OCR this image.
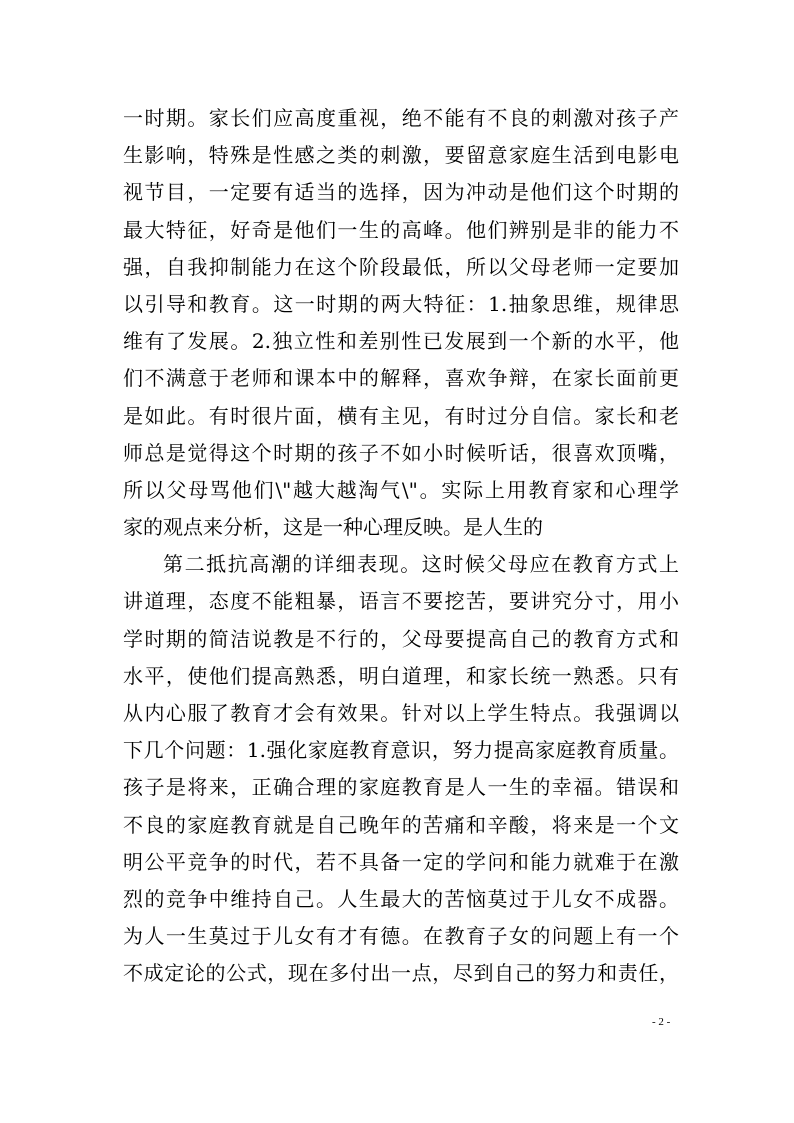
一时期。家长们应高度重视，绝不能有不良的刺激对孩子产
生影响，特殊是性感之类的刺激，要留意家庭生活到电影电
视节目，一定要有适当的选择，因为冲动是他们这个时期的
最大特征，好奇是他们一生的高峰。他们辨别是非的能力不
强，自我抑制能力在这个阶段最低，所以父母老师一定要加
以引导和教育。这一时期的两大特征：1.抽象思维，规律思
维有了发展。2.独立性和差别性已发展到一个新的水平，他
们不满意于老师和课本中的解释，喜欢争辩，在家长面前更
是如此。有时很片面，横有主见，有时过分自信。家长和老
师总是觉得这个时期的孩子不如小时候听话，很喜欢顶嘴，
所以父母骂他们\"越大越淘气\"。实际上用教育家和心理学
家的观点来分析，这是一种心理反映。是人生的
第二抵抗高潮的详细表现。这时候父母应在教育方式上
讲道理，态度不能粗暴，语言不要挖苦，要讲究分寸，用小
学时期的简洁说教是不行的，父母要提高自己的教育方式和
水平，使他们提高熟悉，明白道理，和家长统一熟悉。只有
从内心服了教育才会有效果。针对以上学生特点。我强调以
下几个问题：1.强化家庭教育意识，努力提高家庭教育质量。
孩子是将来，正确合理的家庭教育是人一生的幸福。错误和
不良的家庭教育就是自己晚年的苦痛和辛酸，将来是一个文
明公平竞争的时代，若不具备一定的学问和能力就难于在激
烈的竞争中维持自己。人生最大的苦恼莫过于儿女不成器。
为人一生莫过于儿女有才有德。在教育子女的问题上有一个
不成定论的公式，现在多付出一点，尽到自己的努力和责任，
- 2 -
